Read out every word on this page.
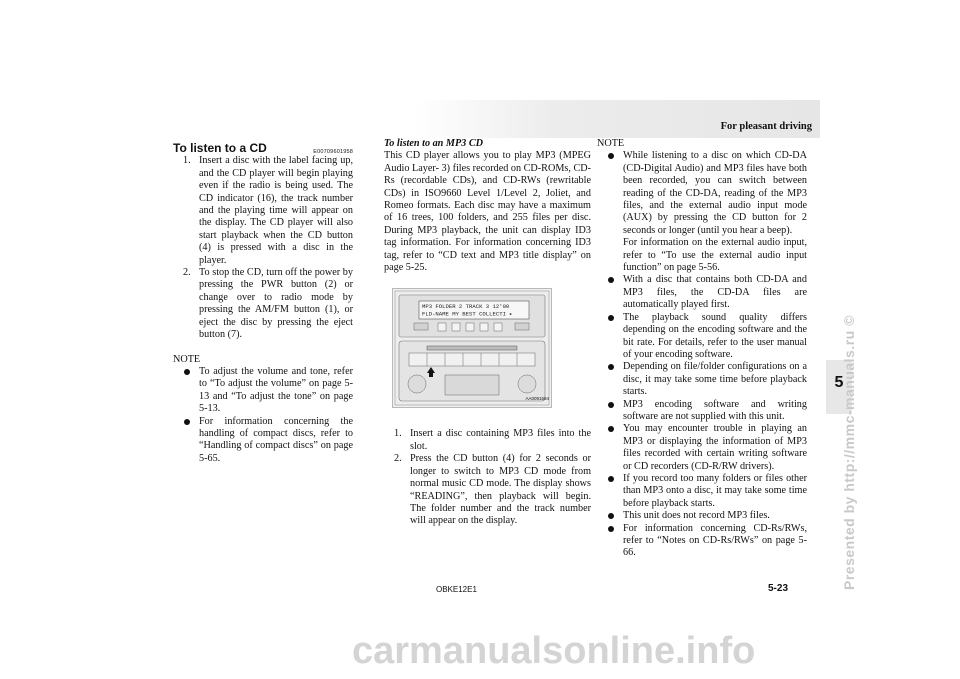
For pleasant driving
To listen to a CD	E00709601958
1. Insert a disc with the label facing up, and the CD player will begin playing even if the radio is being used. The CD indicator (16), the track number and the playing time will appear on the display. The CD player will also start playback when the CD button (4) is pressed with a disc in the player.
2. To stop the CD, turn off the power by pressing the PWR button (2) or change over to radio mode by pressing the AM/FM button (1), or eject the disc by pressing the eject button (7).
NOTE
To adjust the volume and tone, refer to “To adjust the volume” on page 5-13 and “To adjust the tone” on page 5-13.
For information concerning the handling of compact discs, refer to “Handling of compact discs” on page 5-65.
To listen to an MP3 CD
This CD player allows you to play MP3 (MPEG Audio Layer- 3) files recorded on CD-ROMs, CD-Rs (recordable CDs), and CD-RWs (rewritable CDs) in ISO9660 Level 1/Level 2, Joliet, and Romeo formats. Each disc may have a maximum of 16 trees, 100 folders, and 255 files per disc. During MP3 playback, the unit can display ID3 tag information. For information concerning ID3 tag, refer to “CD text and MP3 title display” on page 5-25.
MP3 FOLDER 2 TRACK 3 12'00
FLD-NAME MY BEST COLLECTI ▸
AA0091594
1. Insert a disc containing MP3 files into the slot.
2. Press the CD button (4) for 2 seconds or longer to switch to MP3 CD mode from normal music CD mode. The display shows “READING”, then playback will begin. The folder number and the track number will appear on the display.
NOTE
While listening to a disc on which CD-DA (CD-Digital Audio) and MP3 files have both been recorded, you can switch between reading of the CD-DA, reading of the MP3 files, and the external audio input mode (AUX) by pressing the CD button for 2 seconds or longer (until you hear a beep).
For information on the external audio input, refer to “To use the external audio input function” on page 5-56.
With a disc that contains both CD-DA and MP3 files, the CD-DA files are automatically played first.
The playback sound quality differs depending on the encoding software and the bit rate. For details, refer to the user manual of your encoding software.
Depending on file/folder configurations on a disc, it may take some time before playback starts.
MP3 encoding software and writing software are not supplied with this unit.
You may encounter trouble in playing an MP3 or displaying the information of MP3 files recorded with certain writing software or CD recorders (CD-R/RW drivers).
If you record too many folders or files other than MP3 onto a disc, it may take some time before playback starts.
This unit does not record MP3 files.
For information concerning CD-Rs/RWs, refer to “Notes on CD-Rs/RWs” on page 5-66.
5
Presented by http://mmc-manuals.ru ©
OBKE12E1	5-23
carmanualsonline.info
